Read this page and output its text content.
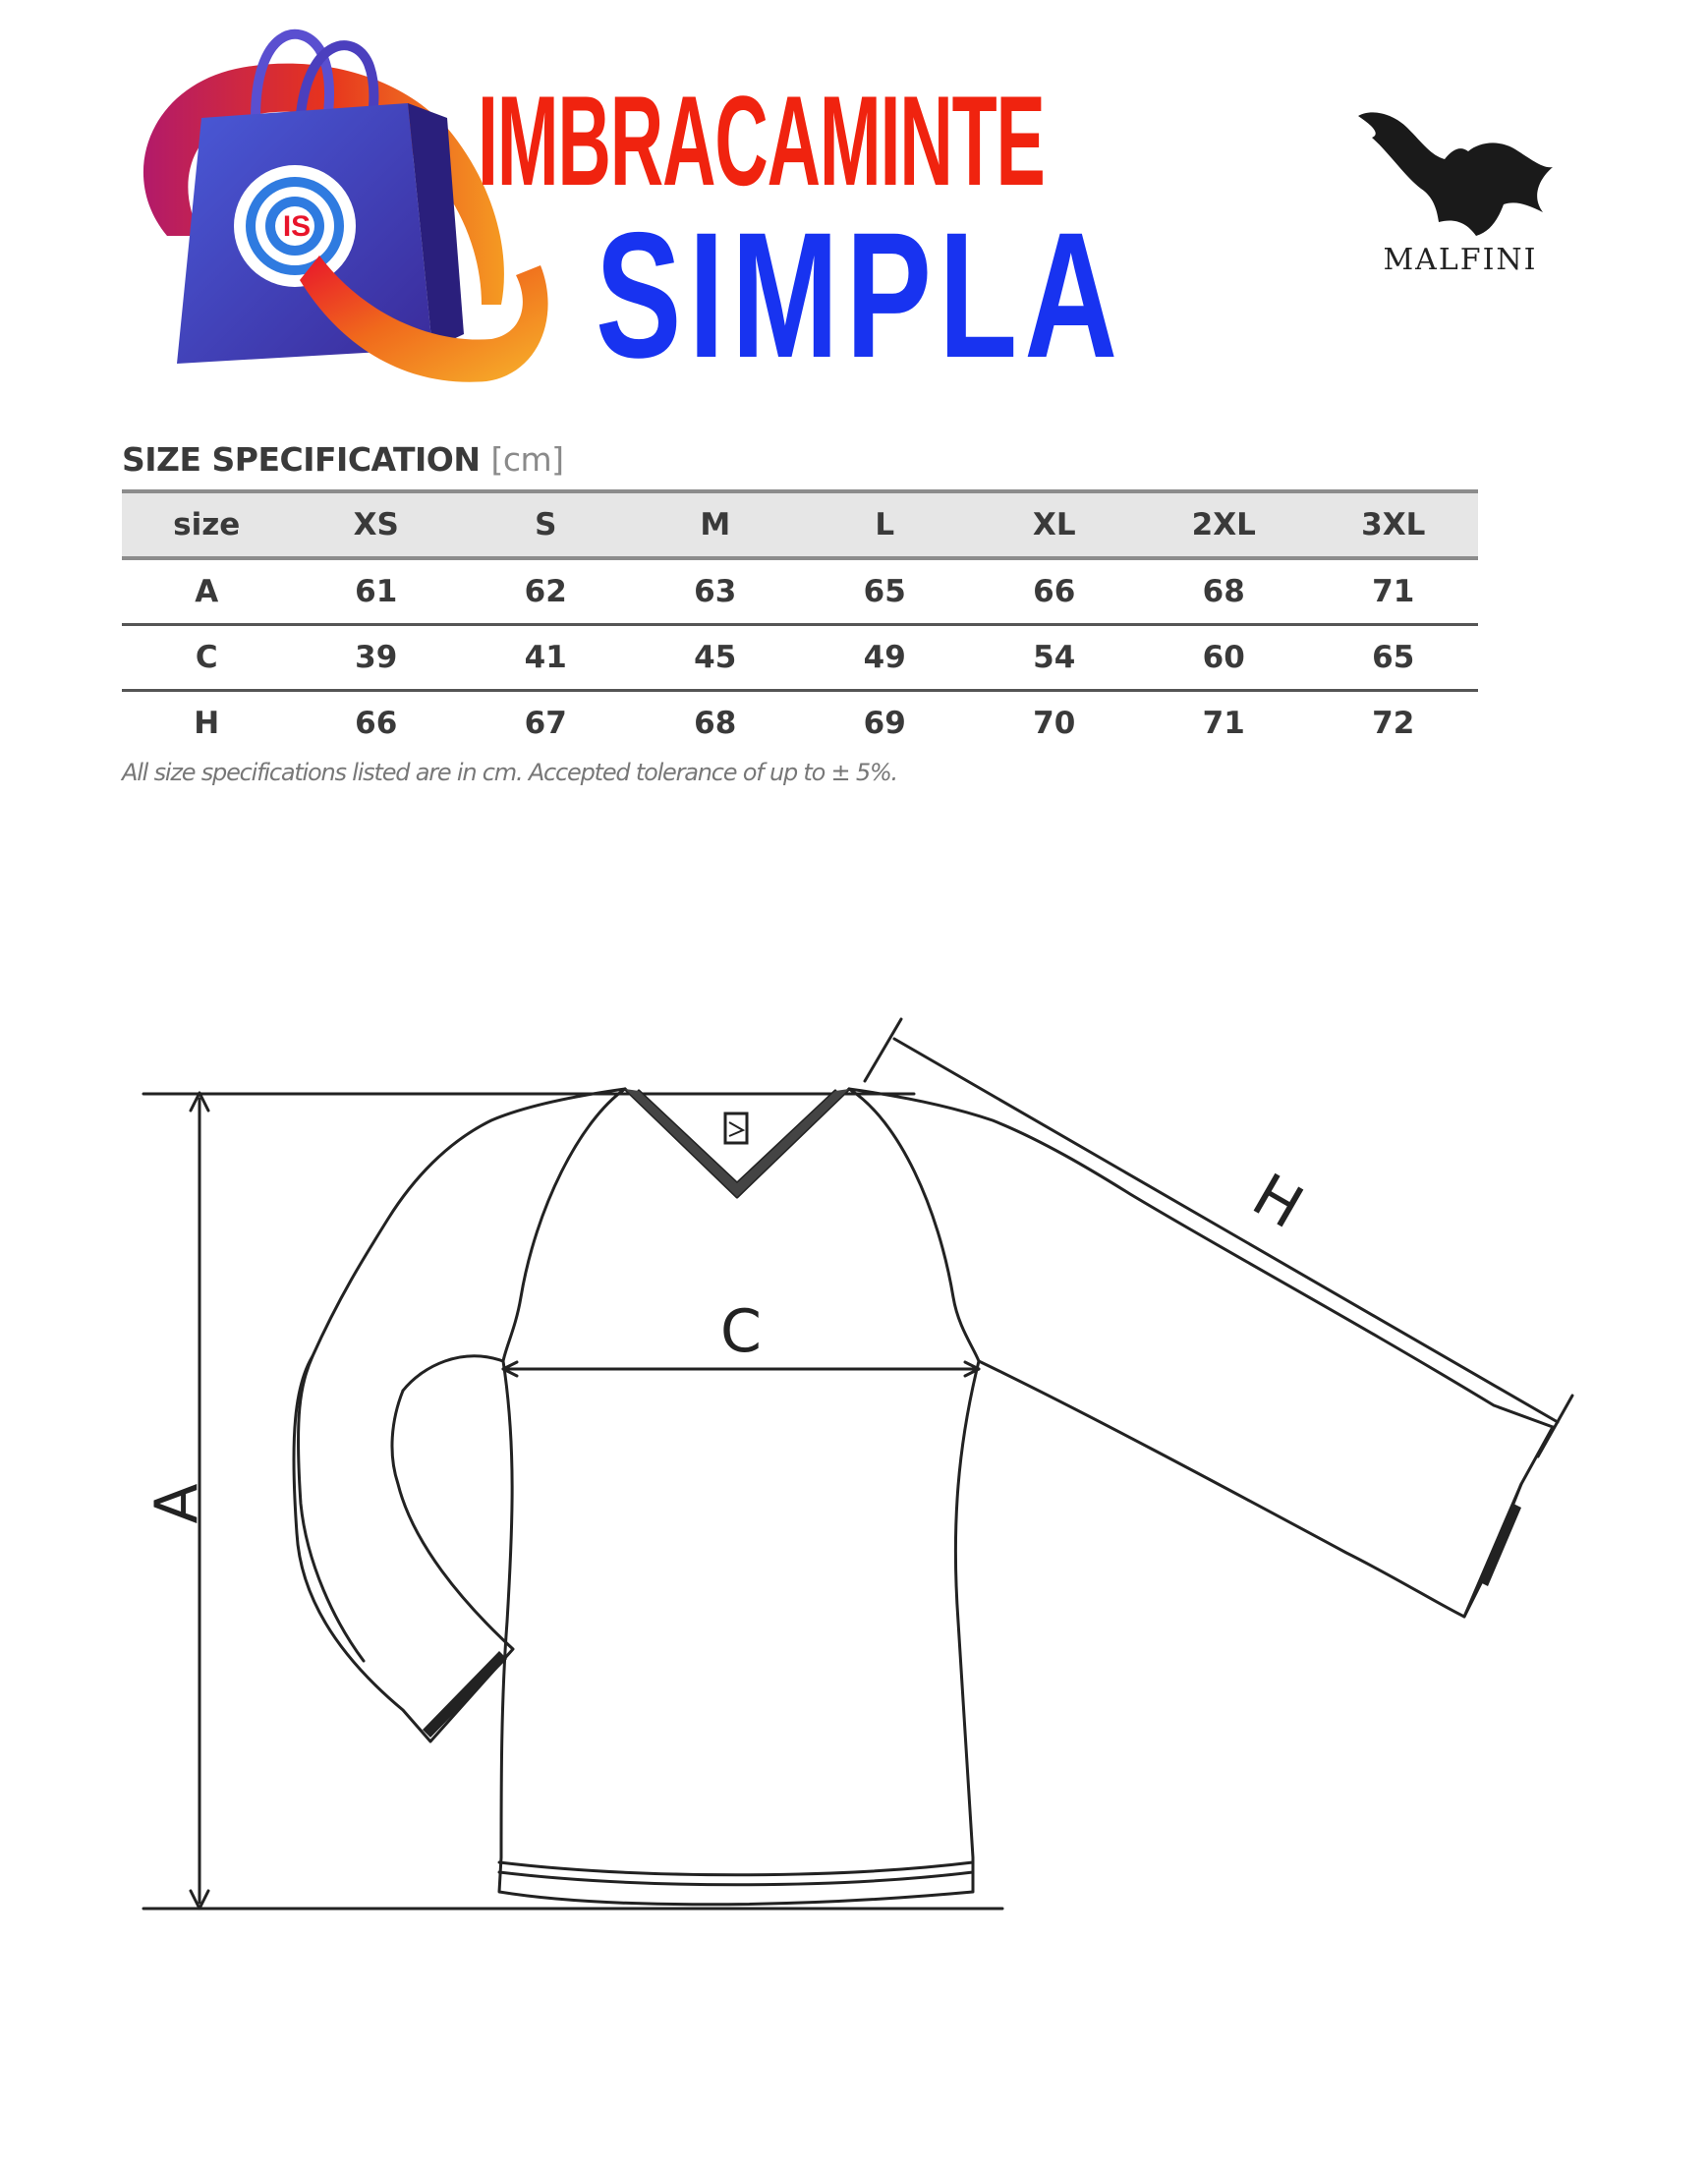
IS
IMBRACAMINTE
SIMPLA	MALFINI
SIZE SPECIFICATION [cm]
size	XS	S	M	L	XL	2XL	3XL
A	61	62	63	65	66	68	71
C	39	41	45	49	54	60	65
H	66	67	68	69	70	71	72
All size specifications listed are in cm. Accepted tolerance of up to ± 5%.
A
C
H
